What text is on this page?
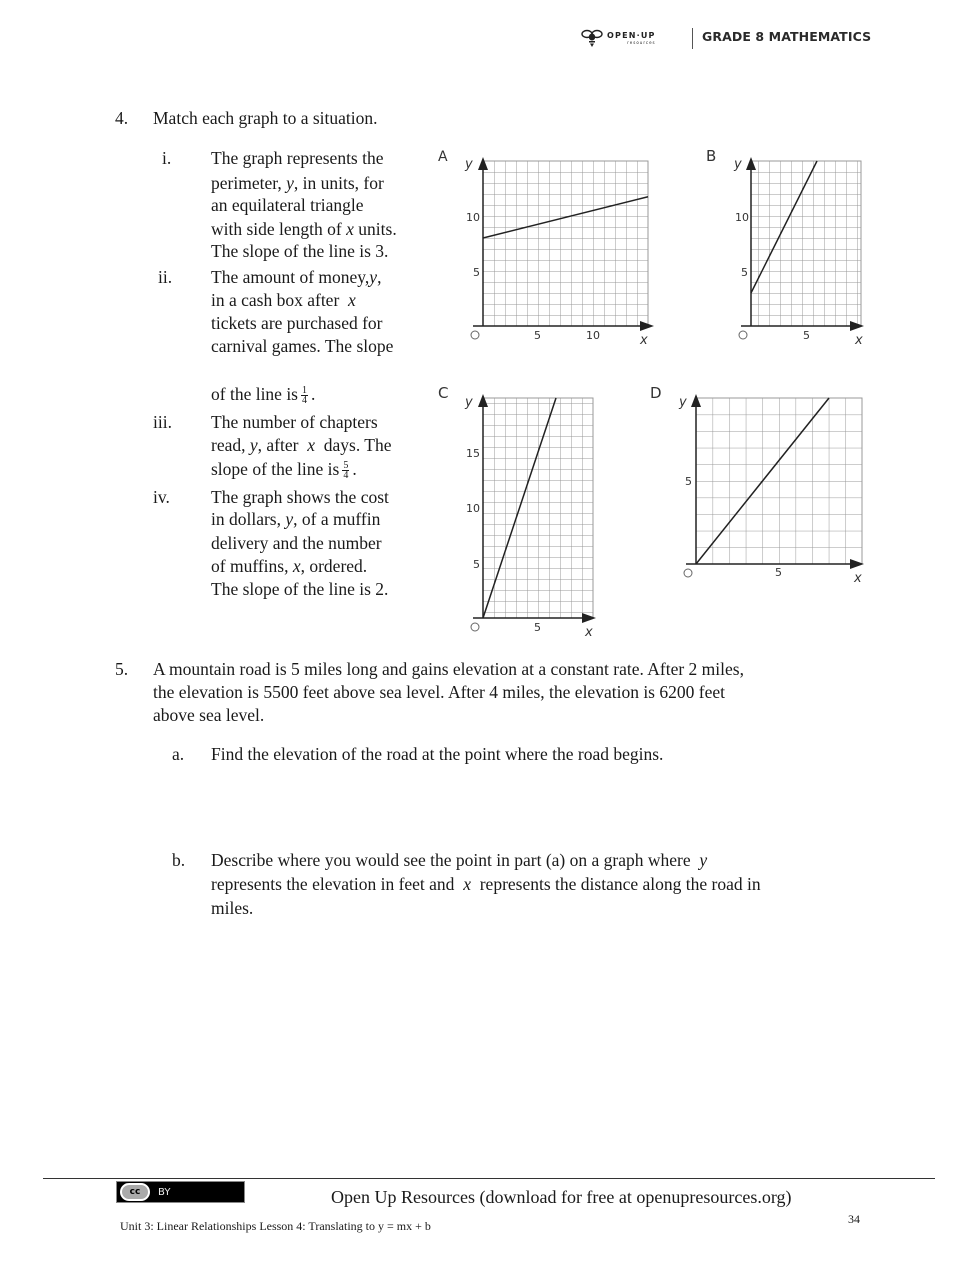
OPEN·UP
resources	GRADE 8 MATHEMATICS
4. Match each graph to a situation.
i. The graph represents the
perimeter, y, in units, for
an equilateral triangle
with side length of x units.
The slope of the line is 3.
ii. The amount of money,y,
in a cash box after x
tickets are purchased for
carnival games. The slope
of the line is $\frac{1}{4}$ .
iii. The number of chapters
read, y, after x days. The
slope of the line is $\frac{5}{4}$ .
iv. The graph shows the cost
in dollars, y, of a muffin
delivery and the number
of muffins, x, ordered.
The slope of the line is 2.
A y
x
10
5
5	10
B y
x
10
5
5
C
y
x
15
10
5
5
D
y
x
5
5
5. A mountain road is 5 miles long and gains elevation at a constant rate. After 2 miles,
the elevation is 5500 feet above sea level. After 4 miles, the elevation is 6200 feet
above sea level.
a. Find the elevation of the road at the point where the road begins.
b. Describe where you would see the point in part (a) on a graph where y
represents the elevation in feet and x represents the distance along the road in
miles.
cc	BY	Open Up Resources (download for free at openupresources.org)
Unit 3: Linear Relationships Lesson 4: Translating to y = mx + b	34
